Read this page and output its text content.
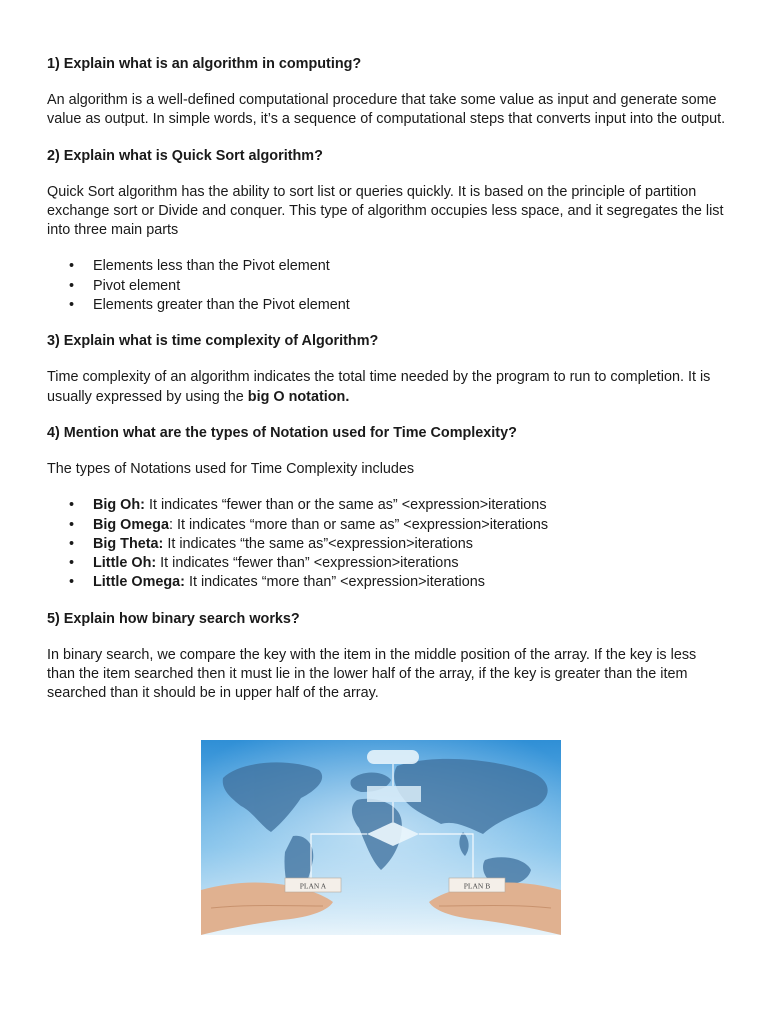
1) Explain what is an algorithm in computing?

An algorithm is a well-defined computational procedure that take some value as input and generate some value as output. In simple words, it’s a sequence of computational steps that converts input into the output.

2) Explain what is Quick Sort algorithm?

Quick Sort algorithm has the ability to sort list or queries quickly. It is based on the principle of partition exchange sort or Divide and conquer. This type of algorithm occupies less space, and it segregates the list into three main parts

• Elements less than the Pivot element
• Pivot element
• Elements greater than the Pivot element
3) Explain what is time complexity of Algorithm?

Time complexity of an algorithm indicates the total time needed by the program to run to completion. It is usually expressed by using the big O notation.

4) Mention what are the types of Notation used for Time Complexity?

The types of Notations used for Time Complexity includes

• Big Oh: It indicates “fewer than or the same as” <expression>iterations
• Big Omega: It indicates “more than or same as” <expression>iterations
• Big Theta: It indicates “the same as”<expression>iterations
• Little Oh: It indicates “fewer than” <expression>iterations
• Little Omega: It indicates “more than” <expression>iterations
5) Explain how binary search works?

In binary search, we compare the key with the item in the middle position of the array. If the key is less than the item searched then it must lie in the lower half of the array, if the key is greater than the item searched than it should be in upper half of the array.

PLAN A	PLAN B
